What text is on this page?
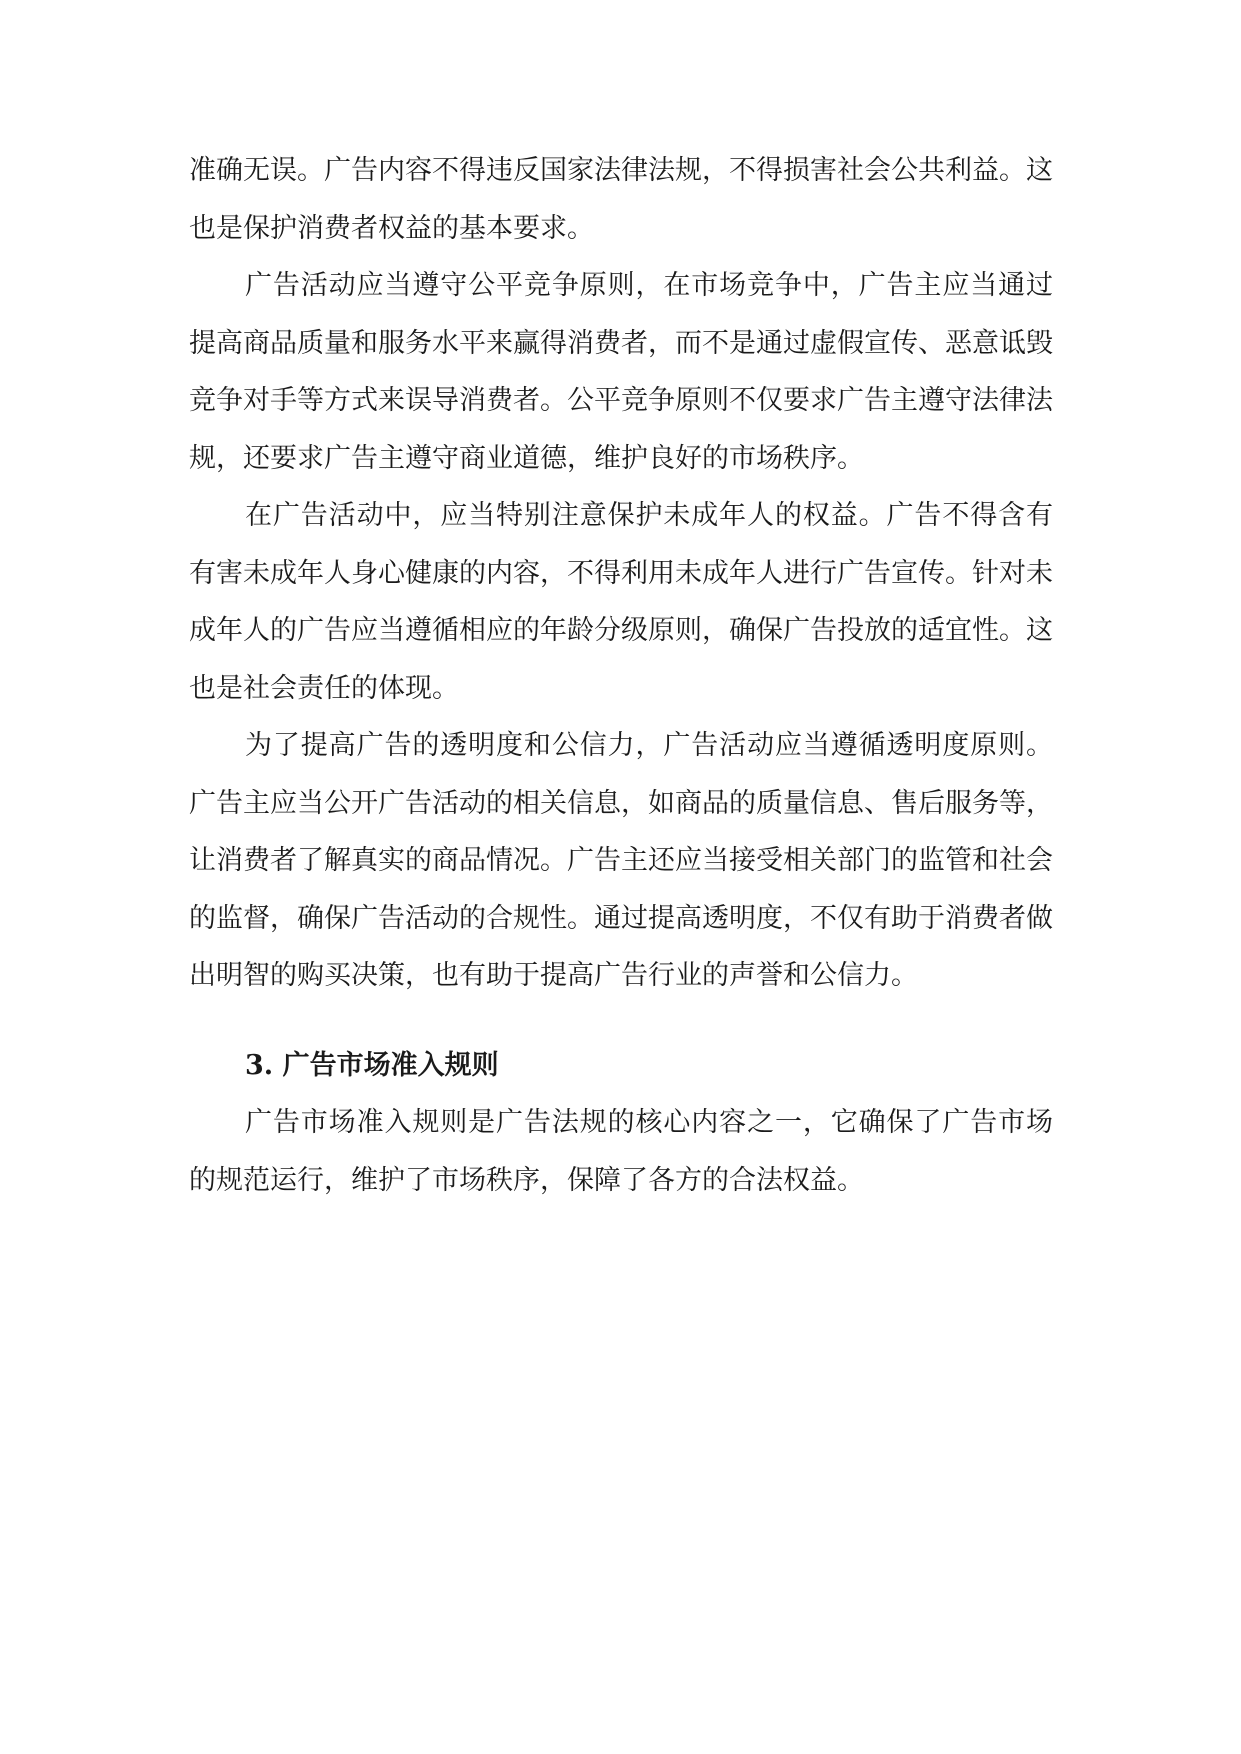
准确无误。广告内容不得违反国家法律法规，不得损害社会公共利益。这也是保护消费者权益的基本要求。

广告活动应当遵守公平竞争原则，在市场竞争中，广告主应当通过提高商品质量和服务水平来赢得消费者，而不是通过虚假宣传、恶意诋毁竞争对手等方式来误导消费者。公平竞争原则不仅要求广告主遵守法律法规，还要求广告主遵守商业道德，维护良好的市场秩序。

在广告活动中，应当特别注意保护未成年人的权益。广告不得含有有害未成年人身心健康的内容，不得利用未成年人进行广告宣传。针对未成年人的广告应当遵循相应的年龄分级原则，确保广告投放的适宜性。这也是社会责任的体现。

为了提高广告的透明度和公信力，广告活动应当遵循透明度原则。广告主应当公开广告活动的相关信息，如商品的质量信息、售后服务等，让消费者了解真实的商品情况。广告主还应当接受相关部门的监管和社会的监督，确保广告活动的合规性。通过提高透明度，不仅有助于消费者做出明智的购买决策，也有助于提高广告行业的声誉和公信力。

3. 广告市场准入规则

广告市场准入规则是广告法规的核心内容之一，它确保了广告市场的规范运行，维护了市场秩序，保障了各方的合法权益。
